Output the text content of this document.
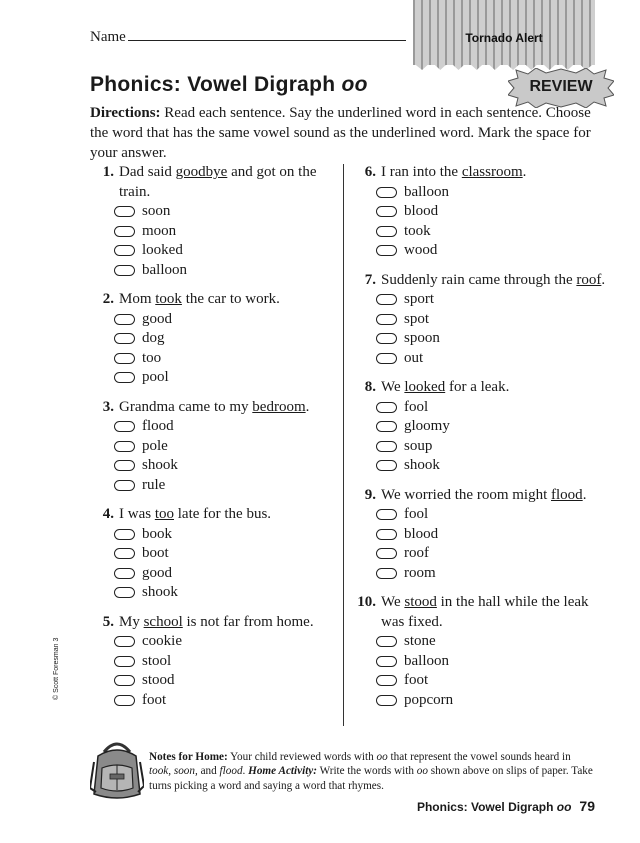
Name	Tornado Alert
Phonics: Vowel Digraph oo	REVIEW
Directions: Read each sentence. Say the underlined word in each sentence. Choose the word that has the same vowel sound as the underlined word. Mark the space for your answer.
1. Dad said goodbye and got on the train.
soon
moon
looked
balloon
2. Mom took the car to work.
good
dog
too
pool
3. Grandma came to my bedroom.
flood
pole
shook
rule
4. I was too late for the bus.
book
boot
good
shook
5. My school is not far from home.
cookie
stool
stood
foot
6. I ran into the classroom.
balloon
blood
took
wood
7. Suddenly rain came through the roof.
sport
spot
spoon
out
8. We looked for a leak.
fool
gloomy
soup
shook
9. We worried the room might flood.
fool
blood
roof
room
10. We stood in the hall while the leak was fixed.
stone
balloon
foot
popcorn
© Scott Foresman 3
Notes for Home: Your child reviewed words with oo that represent the vowel sounds heard in took, soon, and flood. Home Activity: Write the words with oo shown above on slips of paper. Take turns picking a word and saying a word that rhymes.
Phonics: Vowel Digraph oo 79
